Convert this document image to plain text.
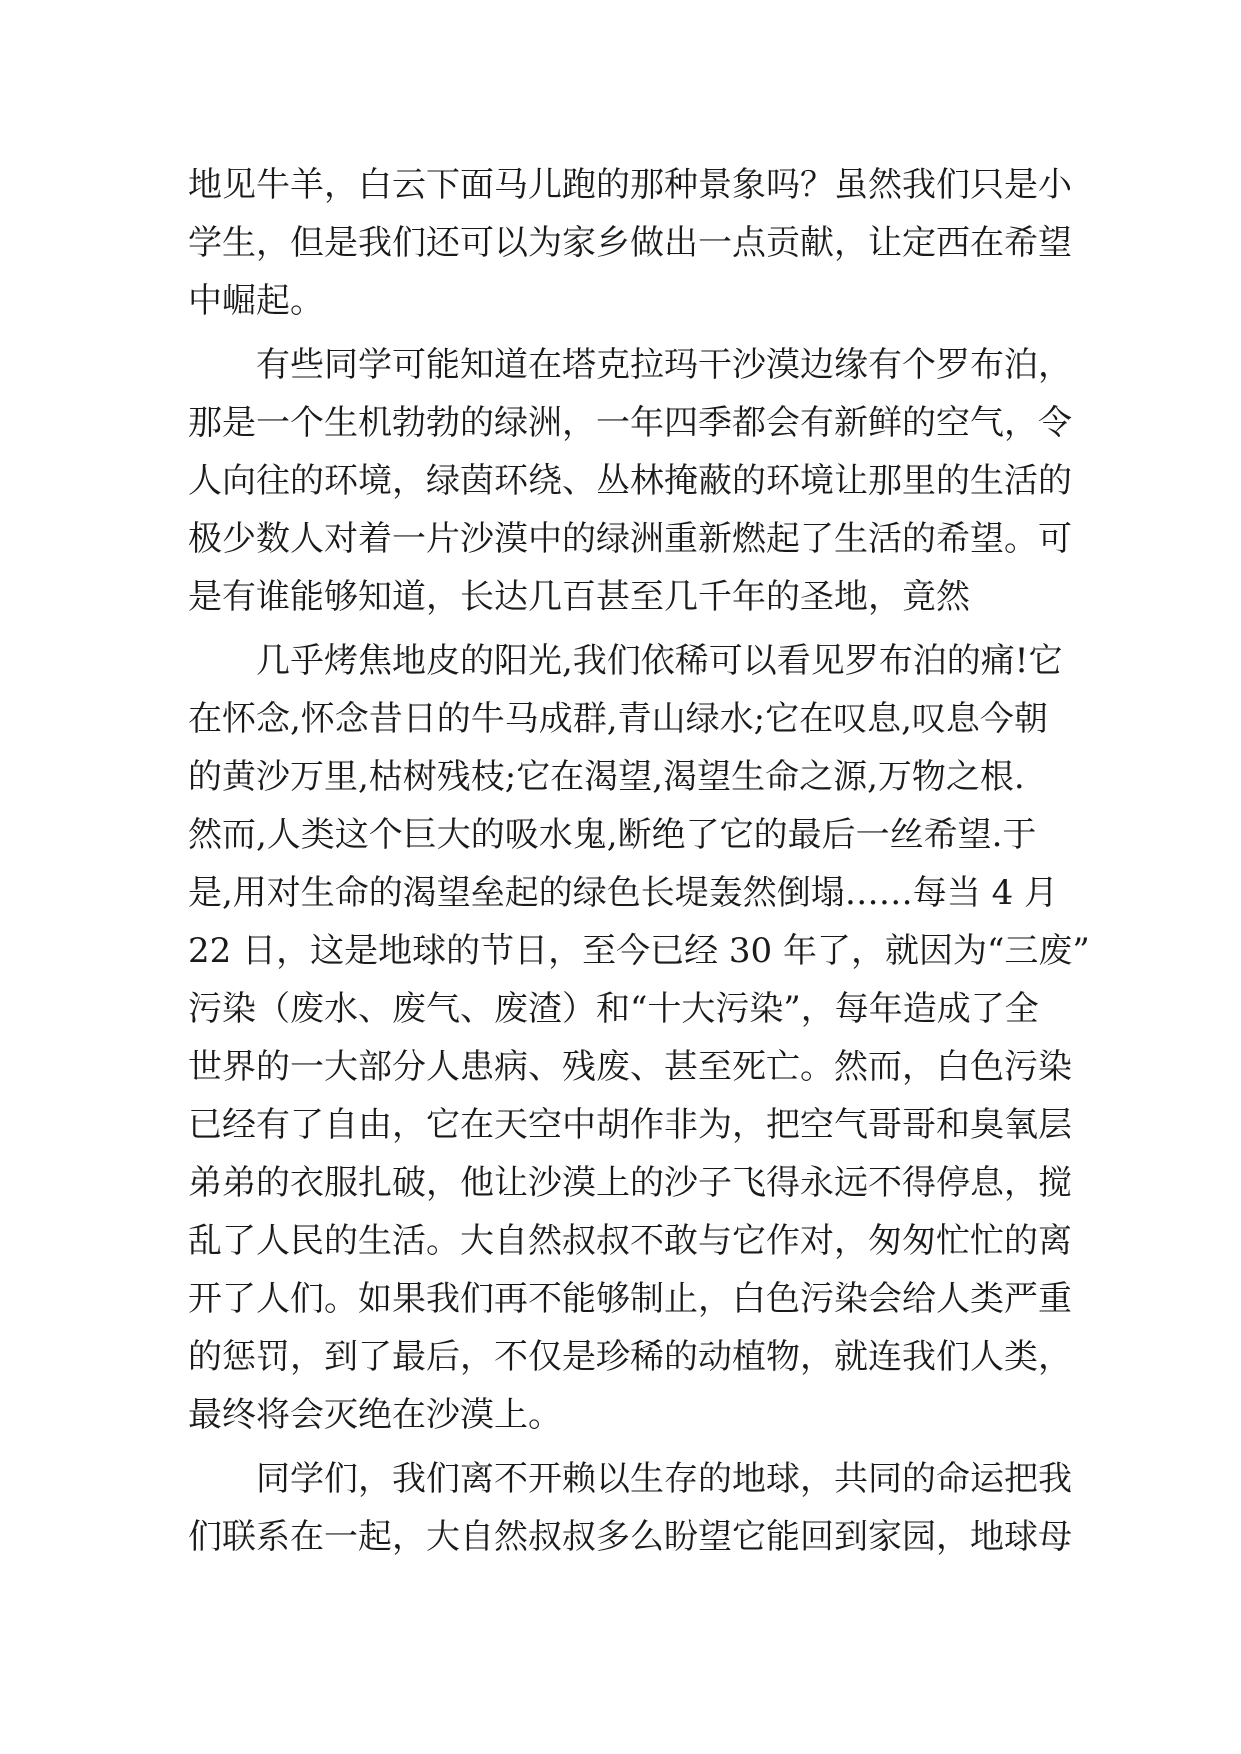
地见牛羊，白云下面马儿跑的那种景象吗？虽然我们只是小
学生，但是我们还可以为家乡做出一点贡献，让定西在希望
中崛起。
有些同学可能知道在塔克拉玛干沙漠边缘有个罗布泊，
那是一个生机勃勃的绿洲，一年四季都会有新鲜的空气，令
人向往的环境，绿茵环绕、丛林掩蔽的环境让那里的生活的
极少数人对着一片沙漠中的绿洲重新燃起了生活的希望。可
是有谁能够知道，长达几百甚至几千年的圣地，竟然
几乎烤焦地皮的阳光,我们依稀可以看见罗布泊的痛!它
在怀念,怀念昔日的牛马成群,青山绿水;它在叹息,叹息今朝
的黄沙万里,枯树残枝;它在渴望,渴望生命之源,万物之根.
然而,人类这个巨大的吸水鬼,断绝了它的最后一丝希望.于
是,用对生命的渴望垒起的绿色长堤轰然倒塌……每当 4 月
22 日，这是地球的节日，至今已经 30 年了，就因为“三废”
污染（废水、废气、废渣）和“十大污染”，每年造成了全
世界的一大部分人患病、残废、甚至死亡。然而，白色污染
已经有了自由，它在天空中胡作非为，把空气哥哥和臭氧层
弟弟的衣服扎破，他让沙漠上的沙子飞得永远不得停息，搅
乱了人民的生活。大自然叔叔不敢与它作对，匆匆忙忙的离
开了人们。如果我们再不能够制止，白色污染会给人类严重
的惩罚，到了最后，不仅是珍稀的动植物，就连我们人类，
最终将会灭绝在沙漠上。
同学们，我们离不开赖以生存的地球，共同的命运把我
们联系在一起，大自然叔叔多么盼望它能回到家园，地球母
